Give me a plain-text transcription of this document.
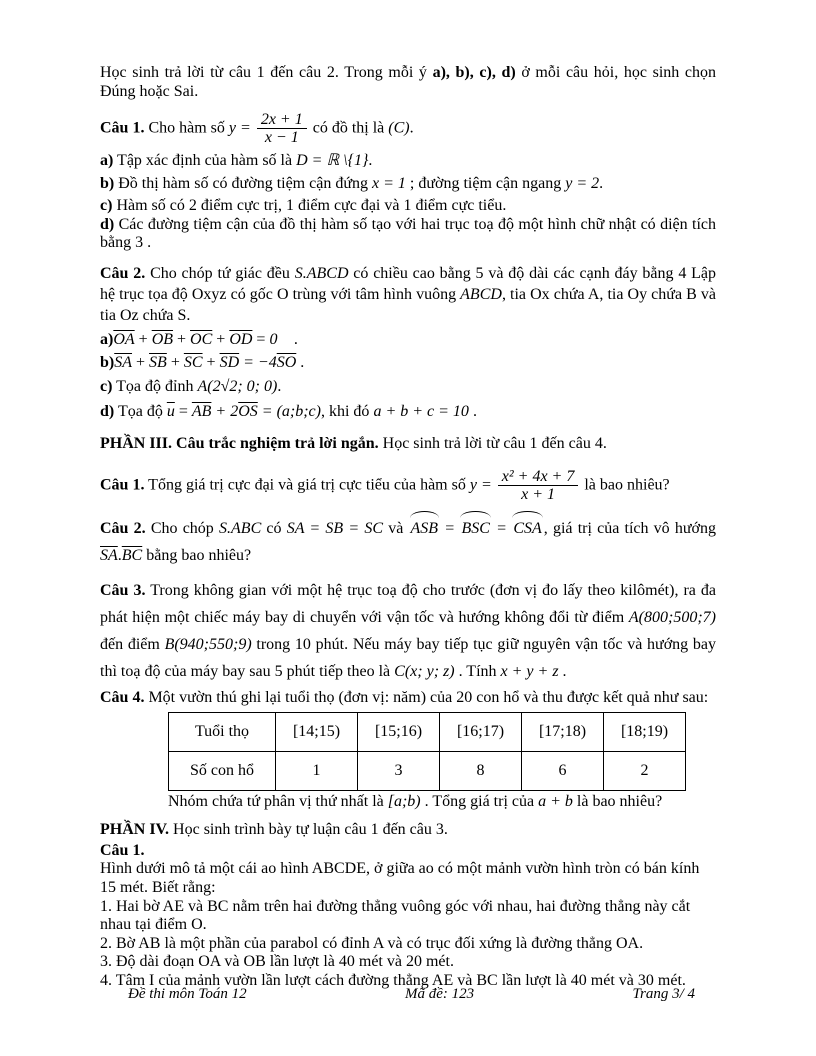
Học sinh trả lời từ câu 1 đến câu 2. Trong mỗi ý a), b), c), d) ở mỗi câu hỏi, học sinh chọn Đúng hoặc Sai.

Câu 1. Cho hàm số $y = \frac{2x + 1}{x - 1}$ có đồ thị là (C).

a) Tập xác định của hàm số là D = ℝ \{1}.

b) Đồ thị hàm số có đường tiệm cận đứng x = 1 ; đường tiệm cận ngang y = 2.

c) Hàm số có 2 điểm cực trị, 1 điểm cực đại và 1 điểm cực tiểu.

d) Các đường tiệm cận của đồ thị hàm số tạo với hai trục toạ độ một hình chữ nhật có diện tích bằng 3 .

Câu 2. Cho chóp tứ giác đều S.ABCD có chiều cao bằng 5 và độ dài các cạnh đáy bằng 4 Lập hệ trục tọa độ Oxyz có gốc O trùng với tâm hình vuông ABCD, tia Ox chứa A, tia Oy chứa B và tia Oz chứa S.

$a)\overline{OA} + \overline{OB} + \overline{OC} + \overline{OD}$ = 0⃗ .

$b)\overline{SA} + \overline{SB} + \overline{SC} + \overline{SD} = -4\overline{SO}$ .

c) Tọa độ đỉnh A(2√2; 0; 0).

d) Tọa độ $\overline{u} = \overline{AB} + 2\overline{OS}$ = (a;b;c), khi đó a + b + c = 10 .

PHẦN III. Câu trắc nghiệm trả lời ngắn. Học sinh trả lời từ câu 1 đến câu 4.

Câu 1. Tổng giá trị cực đại và giá trị cực tiểu của hàm số $y = \frac{\text{x² + 4x + 7}}{x + 1}$ là bao nhiêu?

Câu 2. Cho chóp S.ABC có SA = SB = SC và ASB = BSC = CSA , giá trị của tích vô hướng $\overline{SA}.\overline{BC}$ bằng bao nhiêu?

Câu 3. Trong không gian với một hệ trục toạ độ cho trước (đơn vị đo lấy theo kilômét), ra đa phát hiện một chiếc máy bay di chuyển với vận tốc và hướng không đổi từ điểm A(800;500;7) đến điểm B(940;550;9) trong 10 phút. Nếu máy bay tiếp tục giữ nguyên vận tốc và hướng bay thì toạ độ của máy bay sau 5 phút tiếp theo là C(x; y; z) . Tính x + y + z .

Câu 4. Một vườn thú ghi lại tuổi thọ (đơn vị: năm) của 20 con hổ và thu được kết quả như sau:

Tuổi thọ	[14;15)	[15;16)	[16;17)	[17;18)	[18;19)
Số con hổ	1	3	8	6	2

Nhóm chứa tứ phân vị thứ nhất là [a;b) . Tổng giá trị của a + b là bao nhiêu?

PHẦN IV. Học sinh trình bày tự luận câu 1 đến câu 3.

Câu 1.

Hình dưới mô tả một cái ao hình ABCDE, ở giữa ao có một mảnh vườn hình tròn có bán kính 15 mét. Biết rằng:

1. Hai bờ AE và BC nằm trên hai đường thẳng vuông góc với nhau, hai đường thẳng này cắt nhau tại điểm O.

2. Bờ AB là một phần của parabol có đỉnh A và có trục đối xứng là đường thẳng OA.

3. Độ dài đoạn OA và OB lần lượt là 40 mét và 20 mét.

4. Tâm I của mảnh vườn lần lượt cách đường thẳng AE và BC lần lượt là 40 mét và 30 mét.

Đề thi môn Toán 12	Mã đề: 123	Trang 3/ 4
